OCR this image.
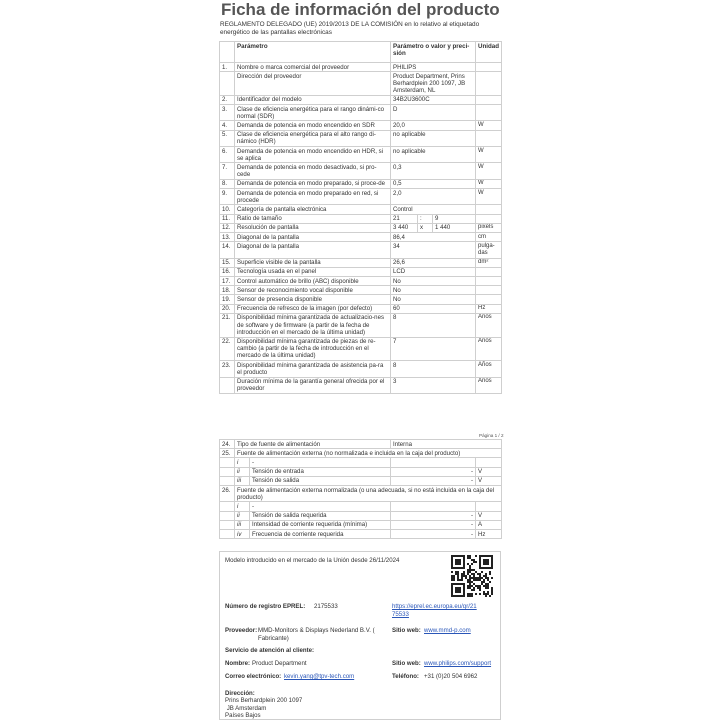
Ficha de información del producto
REGLAMENTO DELEGADO (UE) 2019/2013 DE LA COMISIÓN en lo relativo al etiquetado energético de las pantallas electrónicas
	Parámetro	Parámetro o valor y preci-sión			Unidad
1.	Nombre o marca comercial del proveedor	PHILIPS			
	Dirección del proveedor	Product Department, Prins Berhardplein 200 1097, JB Amsterdam, NL			
2.	Identificador del modelo	34B2U3600C			
3.	Clase de eficiencia energética para el rango dinámi-co normal (SDR)	D			
4.	Demanda de potencia en modo encendido en SDR	20,0			W
5.	Clase de eficiencia energética para el alto rango di-námico (HDR)	no aplicable			
6.	Demanda de potencia en modo encendido en HDR, si se aplica	no aplicable			W
7.	Demanda de potencia en modo desactivado, si pro-cede	0,3			W
8.	Demanda de potencia en modo preparado, si proce-de	0,5			W
9.	Demanda de potencia en modo preparado en red, si procede	2,0			W
10.	Categoría de pantalla electrónica	Control			
11.	Ratio de tamaño	21	:	9	
12.	Resolución de pantalla	3 440	x	1 440	pixels
13.	Diagonal de la pantalla	86,4			cm
14.	Diagonal de la pantalla	34			pulga-das
15.	Superficie visible de la pantalla	26,6			dm²
16.	Tecnología usada en el panel	LCD			
17.	Control automático de brillo (ABC) disponible	No			
18.	Sensor de reconocimiento vocal disponible	No			
19.	Sensor de presencia disponible	No			
20.	Frecuencia de refresco de la imagen (por defecto)	60			Hz
21.	Disponibilidad mínima garantizada de actualizacio-nes de software y de firmware (a partir de la fecha de introducción en el mercado de la última unidad)	8			Años
22.	Disponibilidad mínima garantizada de piezas de re-cambio (a partir de la fecha de introducción en el mercado de la última unidad)	7			Años
23.	Disponibilidad mínima garantizada de asistencia pa-ra el producto	8			Años
	Duración mínima de la garantía general ofrecida por el proveedor	3			Años
Página 1 / 2
24.	Tipo de fuente de alimentación		Interna	
25.	Fuente de alimentación externa (no normalizada e incluida en la caja del producto)			
	i	-		
	ii	Tensión de entrada	-	V
	iii	Tensión de salida	-	V
26.	Fuente de alimentación externa normalizada (o una adecuada, si no está incluida en la caja del producto)			
	i	-		
	ii	Tensión de salida requerida	-	V
	iii	Intensidad de corriente requerida (mínima)	-	A
	iv	Frecuencia de corriente requerida	-	Hz
Modelo introducido en el mercado de la Unión desde 26/11/2024
Número de registro EPREL: 2175533	https://eprel.ec.europa.eu/qr/21
75533
Proveedor: MMD-Monitors & Displays Nederland B.V. (
Fabricante)
Sitio web: www.mmd-p.com
Servicio de atención al cliente:
Nombre: Product Department	Sitio web: www.philips.com/support
Correo electrónico: kevin.yang@tpv-tech.com	Teléfono: +31 (0)20 504 6962
Dirección:
Prins Berhardplein 200 1097
JB Amsterdam
Países Bajos
